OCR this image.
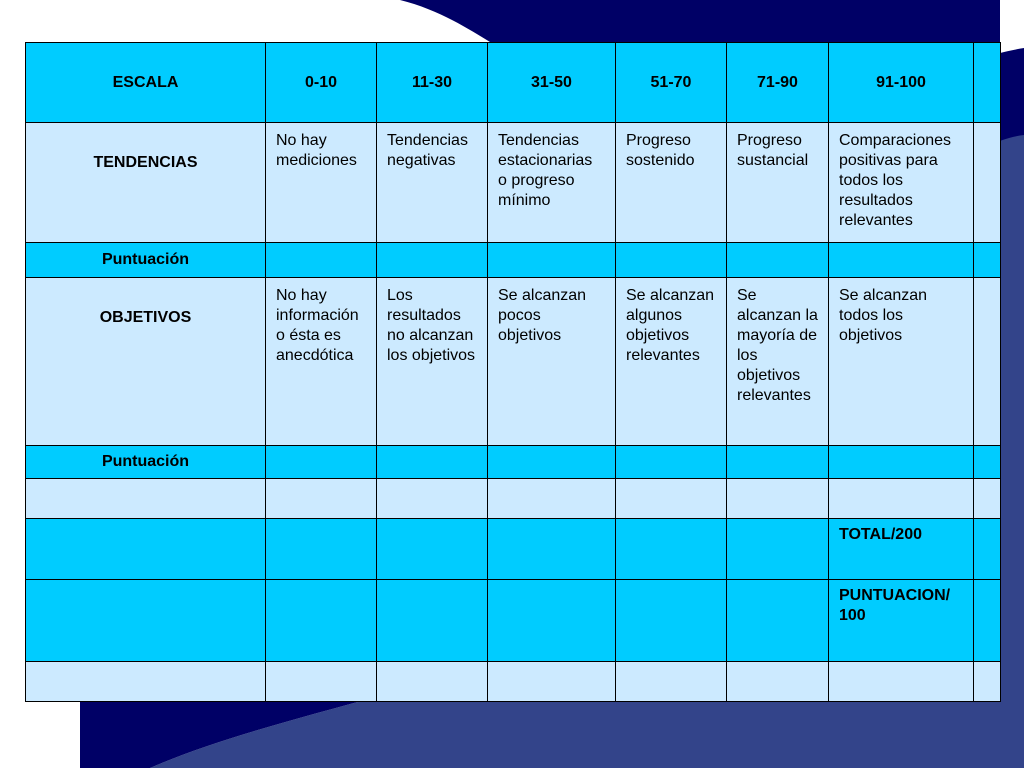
ESCALA	0-10	11-30	31-50	51-70	71-90	91-100	

TENDENCIAS	No hay mediciones	Tendencias negativas	Tendencias estacionarias o progreso mínimo	Progreso sostenido	Progreso sustancial	Comparaciones positivas para todos los resultados relevantes	

Puntuación							

OBJETIVOS	No hay información o ésta es anecdótica	Los resultados no alcanzan los objetivos	Se alcanzan pocos objetivos	Se alcanzan algunos objetivos relevantes	Se alcanzan la mayoría de los objetivos relevantes	Se alcanzan todos los objetivos	

Puntuación							

						TOTAL/200	

						PUNTUACION/
100	
